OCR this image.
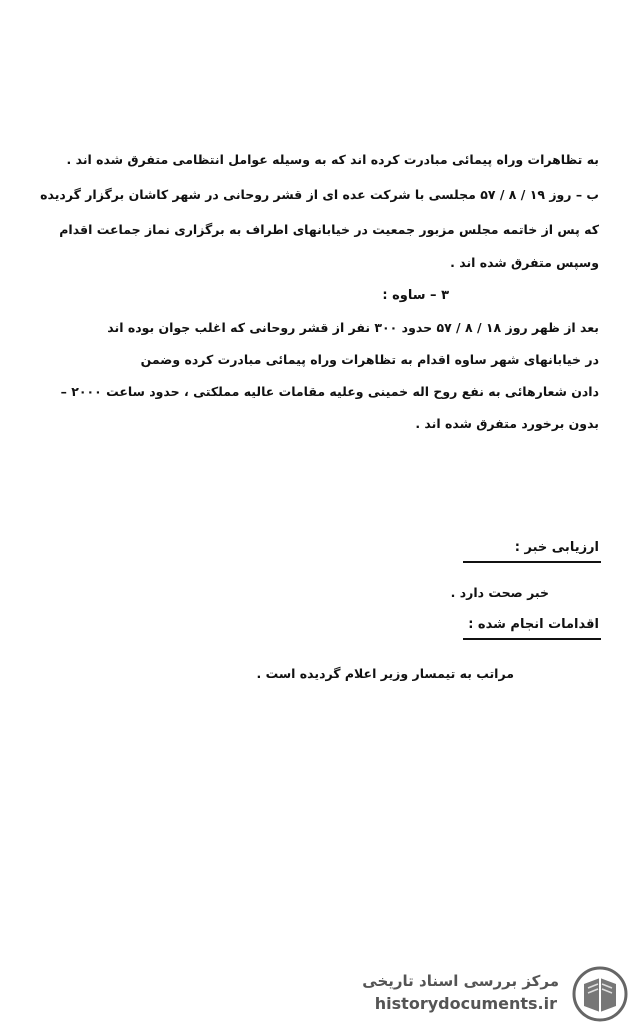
به تظاهرات وراه پیمائی مبادرت کرده اند که به وسیله عوامل انتظامی متفرق شده اند .
ب – روز ۱۹ / ۸ / ۵۷ مجلسی با شرکت عده ای از قشر روحانی در شهر کاشان برگزار گردیده
که پس از خاتمه مجلس مزبور جمعیت در خیابانهای اطراف به برگزاری نماز جماعت اقدام
وسپس متفرق شده اند .
۳ – ساوه :
بعد از ظهر روز ۱۸ / ۸ / ۵۷ حدود ۳۰۰ نفر از قشر روحانی که اغلب جوان بوده اند
در خیابانهای شهر ساوه اقدام به تظاهرات وراه پیمائی مبادرت کرده وضمن
دادن شعارهائی به نفع روح اله خمینی وعلیه مقامات عالیه مملکتی ، حدود ساعت ۲۰۰۰ –
بدون برخورد متفرق شده اند .
ارزیابی خبر :
خبر صحت دارد .
اقدامات انجام شده :
مراتب به تیمسار وزیر اعلام گردیده است .
مرکز بررسی اسناد تاریخی
historydocuments.ir
